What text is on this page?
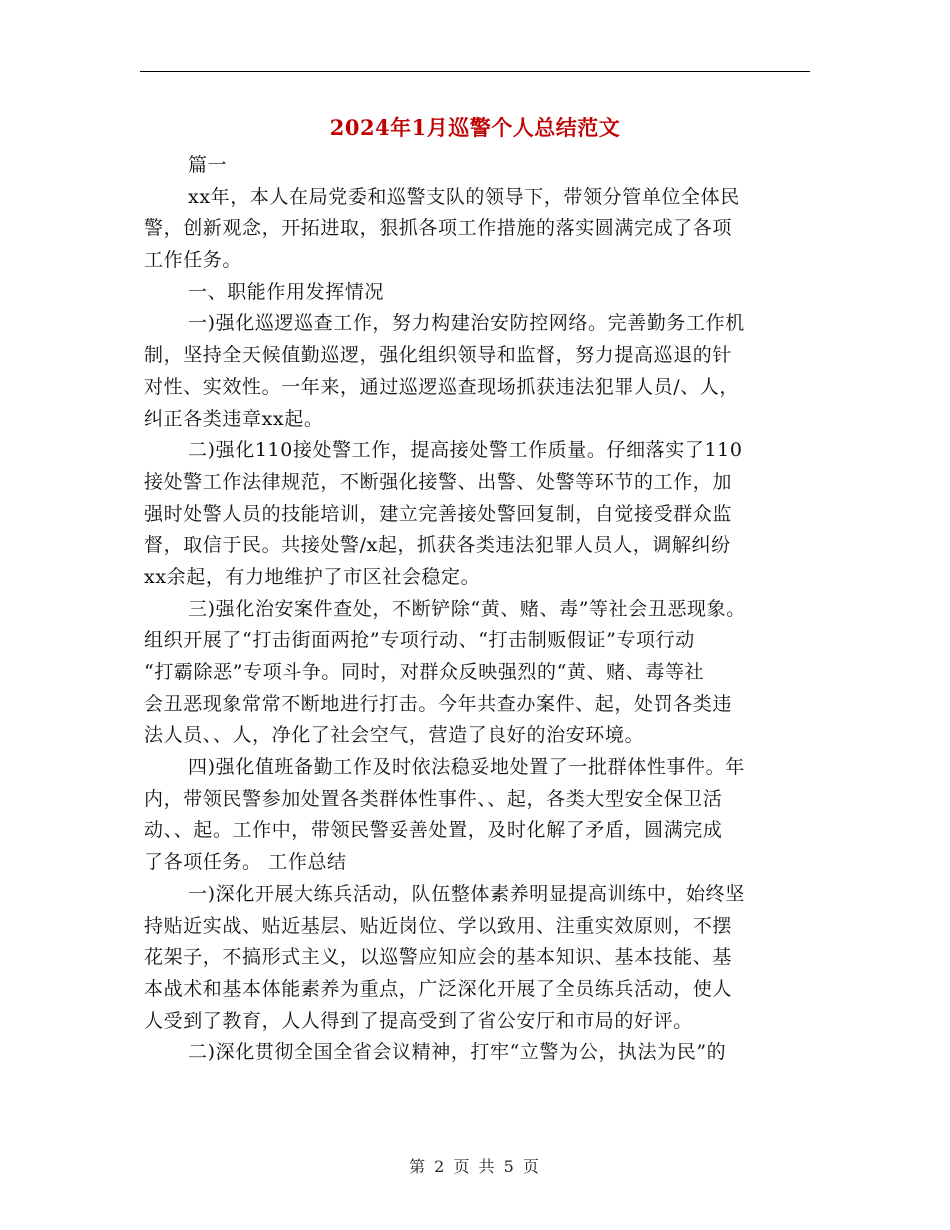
2024年1月巡警个人总结范文
篇一
xx年，本人在局党委和巡警支队的领导下，带领分管单位全体民
警，创新观念，开拓进取，狠抓各项工作措施的落实圆满完成了各项
工作任务。
一、职能作用发挥情况
一)强化巡逻巡查工作，努力构建治安防控网络。完善勤务工作机
制，坚持全天候值勤巡逻，强化组织领导和监督，努力提高巡退的针
对性、实效性。一年来，通过巡逻巡查现场抓获违法犯罪人员/、人，
纠正各类违章xx起。
二)强化110接处警工作，提高接处警工作质量。仔细落实了110
接处警工作法律规范，不断强化接警、出警、处警等环节的工作，加
强时处警人员的技能培训，建立完善接处警回复制，自觉接受群众监
督，取信于民。共接处警/x起，抓获各类违法犯罪人员人，调解纠纷
xx余起，有力地维护了市区社会稳定。
三)强化治安案件查处，不断铲除“黄、赌、毒”等社会丑恶现象。
组织开展了“打击街面两抢”专项行动、“打击制贩假证”专项行动
“打霸除恶”专项斗争。同时，对群众反映强烈的“黄、赌、毒等社
会丑恶现象常常不断地进行打击。今年共查办案件、起，处罚各类违
法人员、、人，净化了社会空气，营造了良好的治安环境。
四)强化值班备勤工作及时依法稳妥地处置了一批群体性事件。年
内，带领民警参加处置各类群体性事件、、起，各类大型安全保卫活
动、、起。工作中，带领民警妥善处置，及时化解了矛盾，圆满完成
了各项任务。 工作总结
一)深化开展大练兵活动，队伍整体素养明显提高训练中，始终坚
持贴近实战、贴近基层、贴近岗位、学以致用、注重实效原则，不摆
花架子，不搞形式主义，以巡警应知应会的基本知识、基本技能、基
本战术和基本体能素养为重点，广泛深化开展了全员练兵活动，使人
人受到了教育，人人得到了提高受到了省公安厅和市局的好评。
二)深化贯彻全国全省会议精神，打牢“立警为公，执法为民”的
第 2 页 共 5 页
